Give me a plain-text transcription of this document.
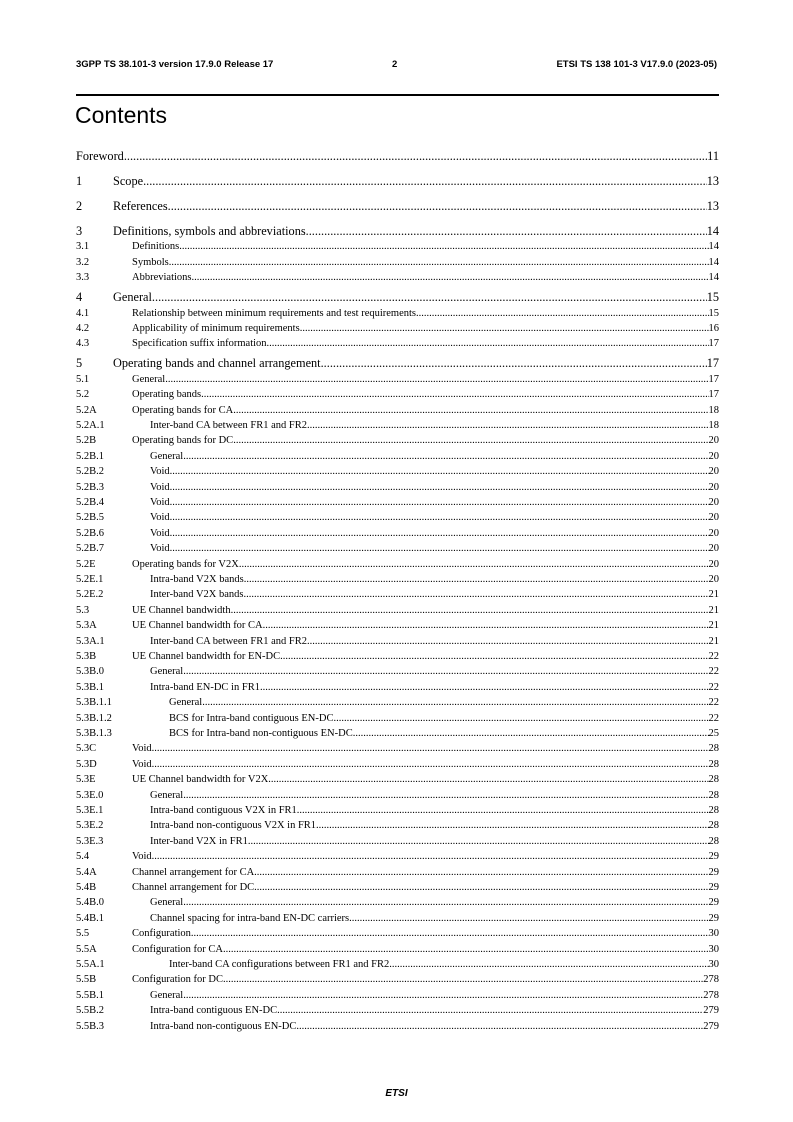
3GPP TS 38.101-3 version 17.9.0 Release 17	2	ETSI TS 138 101-3 V17.9.0 (2023-05)
Contents
Foreword .....	11
1	Scope .....	13
2	References .....	13
3	Definitions, symbols and abbreviations .....	14
3.1	Definitions .....	14
3.2	Symbols .....	14
3.3	Abbreviations .....	14
4	General .....	15
4.1	Relationship between minimum requirements and test requirements .....	15
4.2	Applicability of minimum requirements .....	16
4.3	Specification suffix information .....	17
5	Operating bands and channel arrangement .....	17
5.1	General .....	17
5.2	Operating bands .....	17
5.2A	Operating bands for CA .....	18
5.2A.1	Inter-band CA between FR1 and FR2 .....	18
5.2B	Operating bands for DC .....	20
5.2B.1	General .....	20
5.2B.2	Void .....	20
5.2B.3	Void .....	20
5.2B.4	Void .....	20
5.2B.5	Void .....	20
5.2B.6	Void .....	20
5.2B.7	Void .....	20
5.2E	Operating bands for V2X .....	20
5.2E.1	Intra-band V2X bands .....	20
5.2E.2	Inter-band V2X bands .....	21
5.3	UE Channel bandwidth .....	21
5.3A	UE Channel bandwidth for CA .....	21
5.3A.1	Inter-band CA between FR1 and FR2 .....	21
5.3B	UE Channel bandwidth for EN-DC .....	22
5.3B.0	General .....	22
5.3B.1	Intra-band EN-DC in FR1 .....	22
5.3B.1.1	General .....	22
5.3B.1.2	BCS for Intra-band contiguous EN-DC .....	22
5.3B.1.3	BCS for Intra-band non-contiguous EN-DC .....	25
5.3C	Void .....	28
5.3D	Void .....	28
5.3E	UE Channel bandwidth for V2X .....	28
5.3E.0	General .....	28
5.3E.1	Intra-band contiguous V2X in FR1 .....	28
5.3E.2	Intra-band non-contiguous V2X in FR1 .....	28
5.3E.3	Inter-band V2X in FR1 .....	28
5.4	Void .....	29
5.4A	Channel arrangement for CA .....	29
5.4B	Channel arrangement for DC .....	29
5.4B.0	General .....	29
5.4B.1	Channel spacing for intra-band EN-DC carriers .....	29
5.5	Configuration .....	30
5.5A	Configuration for CA .....	30
5.5A.1	Inter-band CA configurations between FR1 and FR2 .....	30
5.5B	Configuration for DC .....	278
5.5B.1	General .....	278
5.5B.2	Intra-band contiguous EN-DC .....	279
5.5B.3	Intra-band non-contiguous EN-DC .....	279
ETSI
